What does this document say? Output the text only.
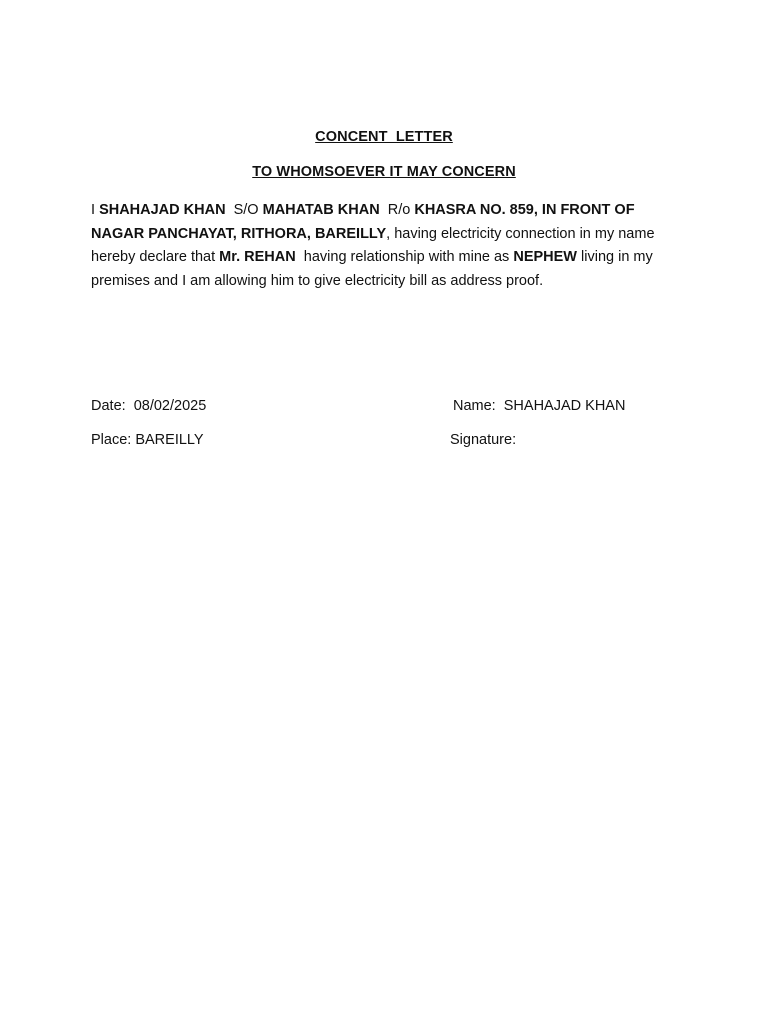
CONCENT  LETTER
TO WHOMSOEVER IT MAY CONCERN
I SHAHAJAD KHAN  S/O MAHATAB KHAN  R/o KHASRA NO. 859, IN FRONT OF NAGAR PANCHAYAT, RITHORA, BAREILLY, having electricity connection in my name hereby declare that Mr. REHAN  having relationship with mine as NEPHEW living in my premises and I am allowing him to give electricity bill as address proof.
Date:  08/02/2025
Place: BAREILLY
Name:  SHAHAJAD KHAN
Signature:
